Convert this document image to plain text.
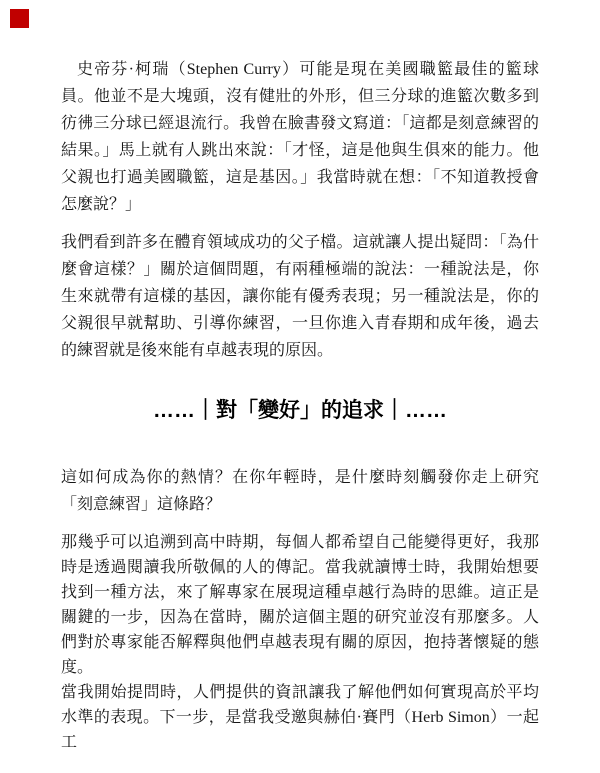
史帝芬·柯瑞（Stephen Curry）可能是現在美國職籃最佳的籃球員。他並不是大塊頭，沒有健壯的外形，但三分球的進籃次數多到彷彿三分球已經退流行。我曾在臉書發文寫道：「這都是刻意練習的結果。」馬上就有人跳出來說：「才怪，這是他與生俱來的能力。他父親也打過美國職籃，這是基因。」我當時就在想：「不知道教授會怎麼說？」
我們看到許多在體育領域成功的父子檔。這就讓人提出疑問：「為什麼會這樣？」關於這個問題，有兩種極端的說法：一種說法是，你生來就帶有這樣的基因，讓你能有優秀表現；另一種說法是，你的父親很早就幫助、引導你練習，一旦你進入青春期和成年後，過去的練習就是後來能有卓越表現的原因。
……｜對「變好」的追求｜……
這如何成為你的熱情？在你年輕時，是什麼時刻觸發你走上研究「刻意練習」這條路？

那幾乎可以追溯到高中時期，每個人都希望自己能變得更好，我那時是透過閱讀我所敬佩的人的傳記。當我就讀博士時，我開始想要找到一種方法，來了解專家在展現這種卓越行為時的思維。這正是關鍵的一步，因為在當時，關於這個主題的研究並沒有那麼多。人們對於專家能否解釋與他們卓越表現有關的原因，抱持著懷疑的態度。

當我開始提問時，人們提供的資訊讓我了解他們如何實現高於平均水準的表現。下一步，是當我受邀與赫伯·賽門（Herb Simon）一起工
